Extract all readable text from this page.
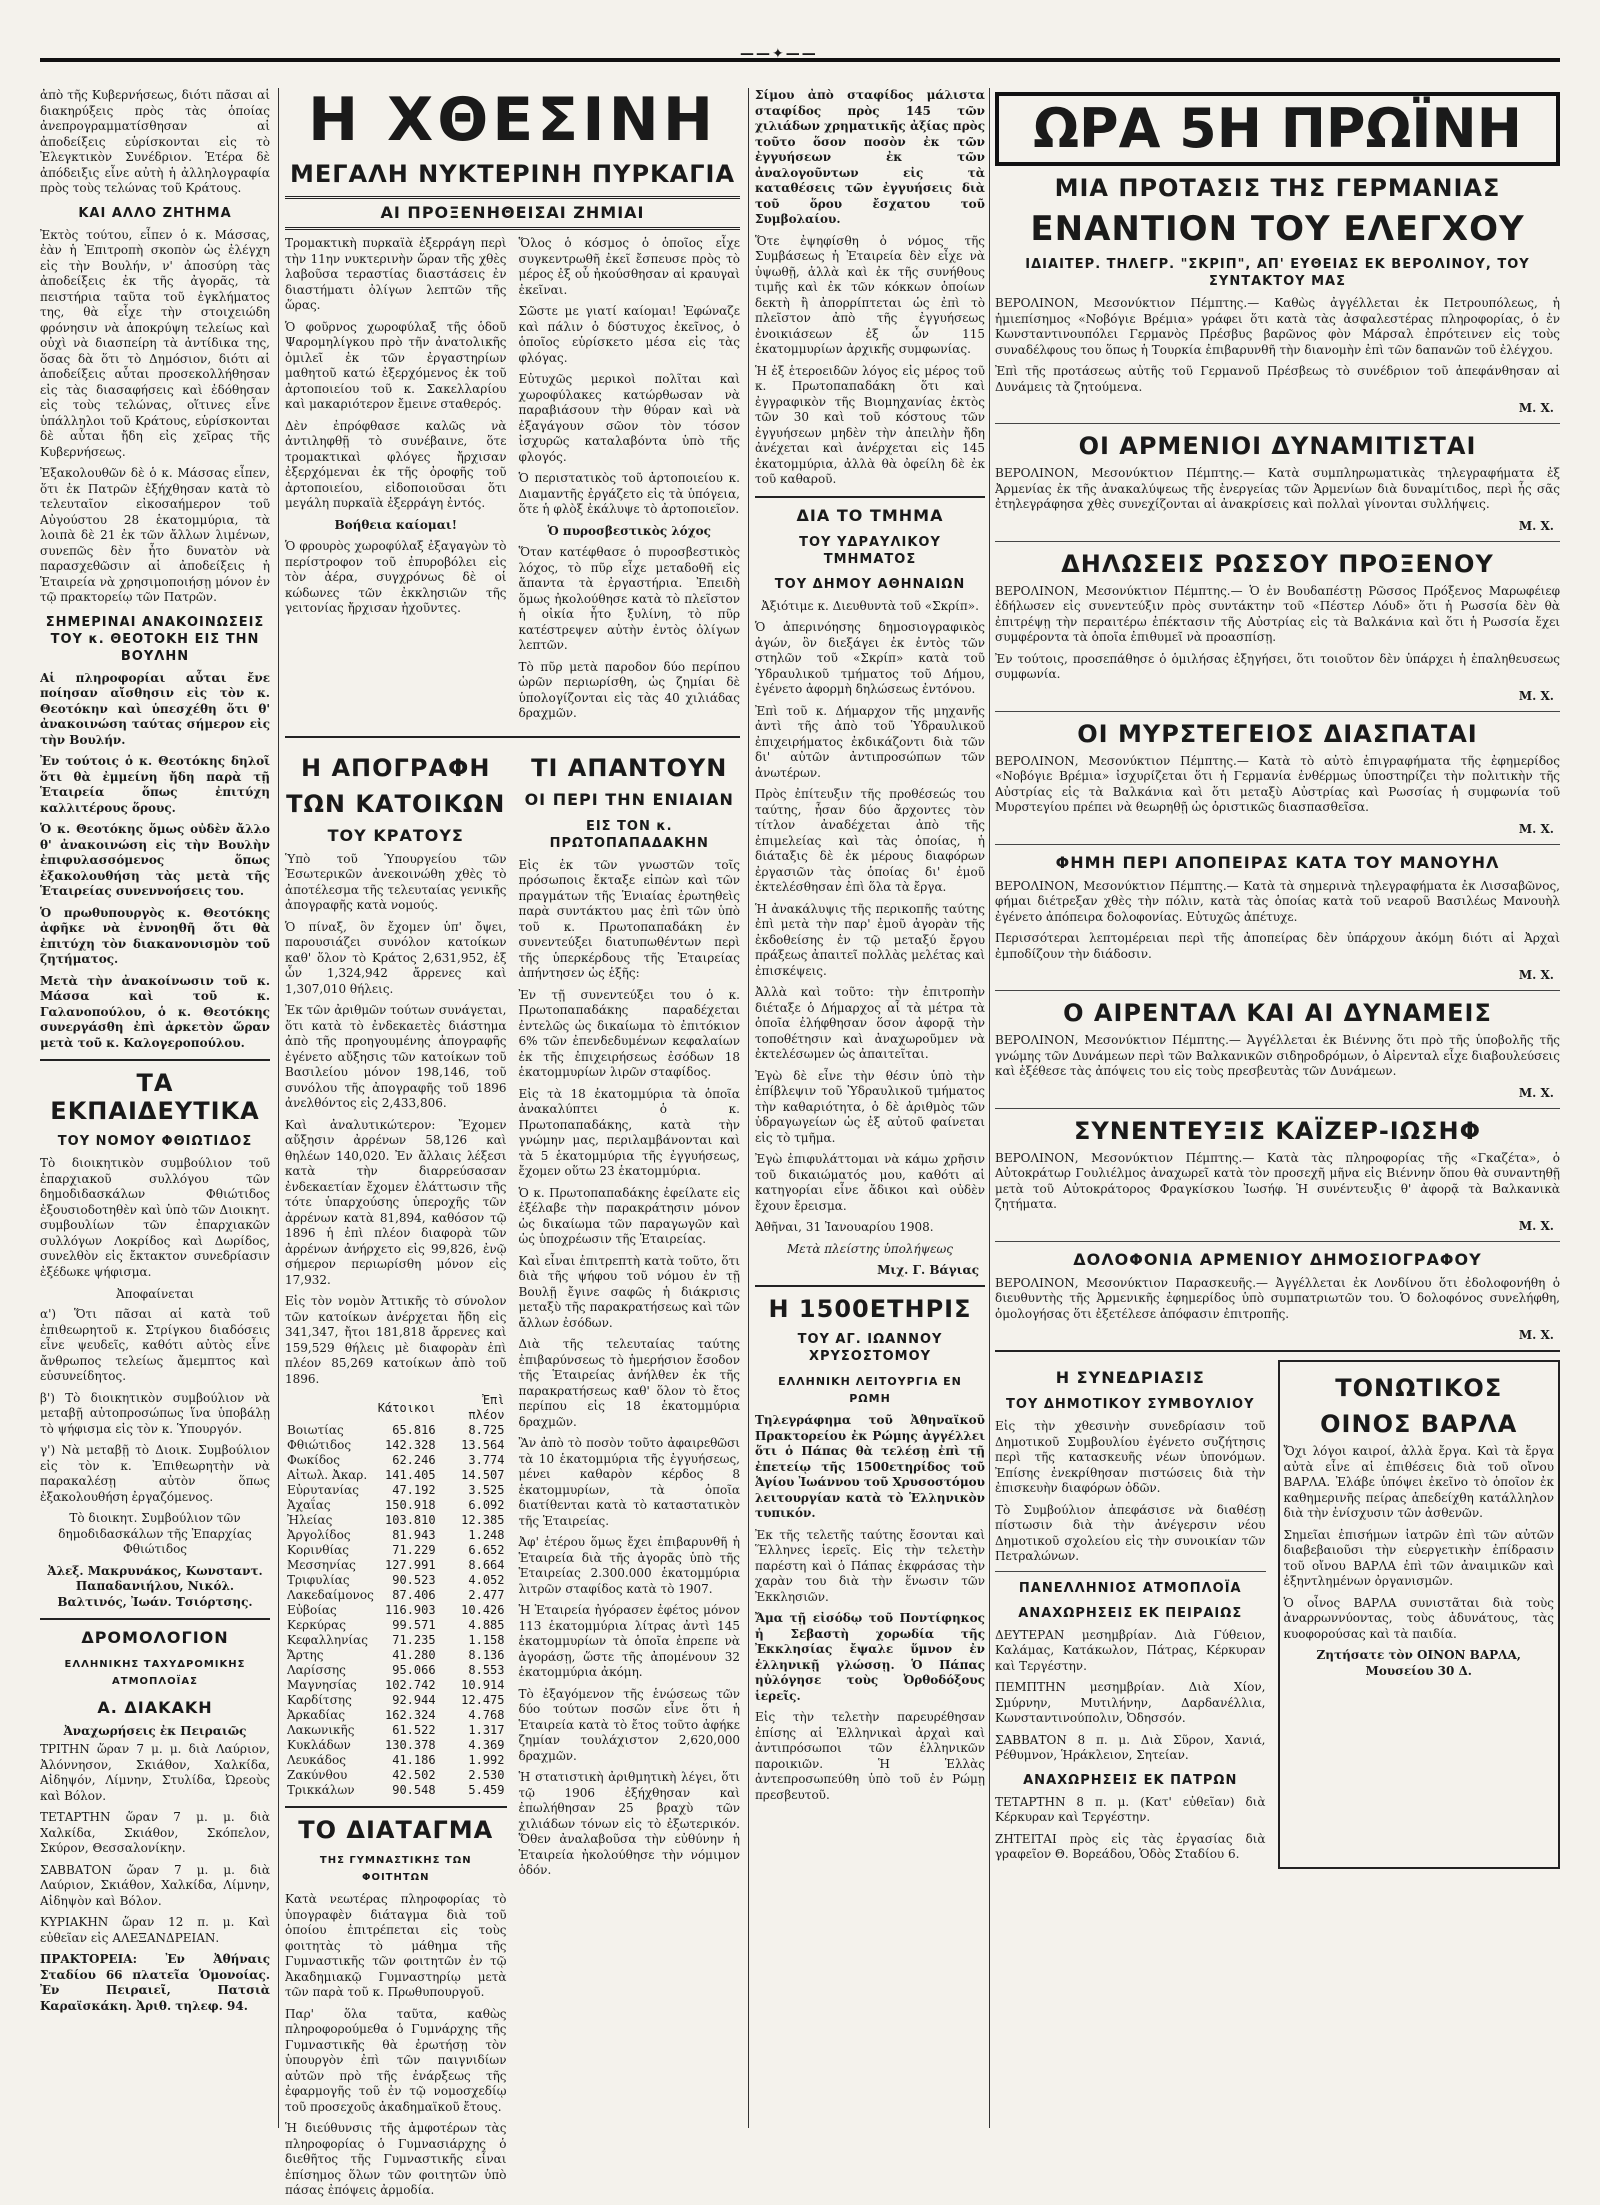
——✦——

ἀπὸ τῆς Κυβερνήσεως, διότι πᾶσαι αἱ διακηρύξεις πρὸς τὰς ὁποίας ἀνεπρογραμματίσθησαν αἱ ἀποδείξεις εὑρίσκονται εἰς τὸ Ἐλεγκτικὸν Συνέδριον. Ἑτέρα δὲ ἀπόδειξις εἶνε αὐτὴ ἡ ἀλληλογραφία πρὸς τοὺς τελώνας τοῦ Κράτους.

ΚΑΙ ΑΛΛΟ ΖΗΤΗΜΑ

Ἐκτὸς τούτου, εἶπεν ὁ κ. Μάσσας, ἐὰν ἡ Ἐπιτροπὴ σκοπὸν ὡς ἐλέγχη εἰς τὴν Βουλήν, ν' ἀποσύρη τὰς ἀποδείξεις ἐκ τῆς ἀγορᾶς, τὰ πειστήρια ταῦτα τοῦ ἐγκλήματος της, θὰ εἶχε τὴν στοιχειώδη φρόνησιν νὰ ἀποκρύψη τελείως καὶ οὐχὶ νὰ διασπείρη τὰ ἀντίδικα της, ὅσας δὰ ὅτι τὸ Δημόσιον, διότι αἱ ἀποδείξεις αὗται προσεκολλήθησαν εἰς τὰς διασαφήσεις καὶ ἐδόθησαν εἰς τοὺς τελώνας, οἵτινες εἶνε ὑπάλληλοι τοῦ Κράτους, εὑρίσκονται δὲ αὗται ἤδη εἰς χεῖρας τῆς Κυβερνήσεως.

Ἐξακολουθῶν δὲ ὁ κ. Μάσσας εἶπεν, ὅτι ἐκ Πατρῶν ἐξήχθησαν κατὰ τὸ τελευταῖον εἰκοσαήμερον τοῦ Αὐγούστου 28 ἑκατομμύρια, τὰ λοιπὰ δὲ 21 ἐκ τῶν ἄλλων λιμένων, συνεπῶς δὲν ἦτο δυνατὸν νὰ παρασχεθῶσιν αἱ ἀποδείξεις ἡ Ἑταιρεία νὰ χρησιμοποιήσῃ μόνον ἐν τῷ πρακτορείῳ τῶν Πατρῶν.

ΣΗΜΕΡΙΝΑΙ ΑΝΑΚΟΙΝΩΣΕΙΣ ΤΟΥ κ. ΘΕΟΤΟΚΗ ΕΙΣ ΤΗΝ ΒΟΥΛΗΝ

Αἱ πληροφορίαι αὗται ἔνε ποίησαν αἴσθησιν εἰς τὸν κ. Θεοτόκην καὶ ὑπεσχέθη ὅτι θ' ἀνακοινώση ταύτας σήμερον εἰς τὴν Βουλήν.

Ἐν τούτοις ὁ κ. Θεοτόκης δηλοῖ ὅτι θὰ ἐμμείνη ἤδη παρὰ τῇ Ἑταιρεία ὅπως ἐπιτύχη καλλιτέρους ὅρους.

Ὁ κ. Θεοτόκης ὅμως οὐδὲν ἄλλο θ' ἀνακοινώση εἰς τὴν Βουλὴν ἐπιφυλασσόμενος ὅπως ἐξακολουθήση τὰς μετὰ τῆς Ἑταιρείας συνεννοήσεις του.

Ὁ πρωθυπουργὸς κ. Θεοτόκης ἀφῆκε νὰ ἐννοηθῆ ὅτι θὰ ἐπιτύχη τὸν διακανονισμὸν τοῦ ζητήματος.

Μετὰ τὴν ἀνακοίνωσιν τοῦ κ. Μάσσα καὶ τοῦ κ. Γαλανοπούλου, ὁ κ. Θεοτόκης συνεργάσθη ἐπὶ ἀρκετὸν ὥραν μετὰ τοῦ κ. Καλογεροπούλου.

ΤΑ ΕΚΠΑΙΔΕΥΤΙΚΑ
ΤΟΥ ΝΟΜΟΥ ΦΘΙΩΤΙΔΟΣ

Τὸ διοικητικὸν συμβούλιον τοῦ ἐπαρχιακοῦ συλλόγου τῶν δημοδιδασκάλων Φθιώτιδος ἐξουσιοδοτηθὲν καὶ ὑπὸ τῶν Διοικητ. συμβουλίων τῶν ἐπαρχιακῶν συλλόγων Λοκρίδος καὶ Δωρίδος, συνελθὸν εἰς ἔκτακτον συνεδρίασιν ἐξέδωκε ψήφισμα.

Ἀποφαίνεται

α') Ὅτι πᾶσαι αἱ κατὰ τοῦ ἐπιθεωρητοῦ κ. Στρίγκου διαδόσεις εἶνε ψευδεῖς, καθότι αὐτὸς εἶνε ἄνθρωπος τελείως ἄμεμπτος καὶ εὐσυνείδητος.

β') Τὸ διοικητικὸν συμβούλιον νὰ μεταβῇ αὐτοπροσώπως ἵνα ὑποβάλῃ τὸ ψήφισμα εἰς τὸν κ. Ὑπουργόν.

γ') Νὰ μεταβῇ τὸ Διοικ. Συμβούλιον εἰς τὸν κ. Ἐπιθεωρητὴν νὰ παρακαλέσῃ αὐτὸν ὅπως ἐξακολουθήση ἐργαζόμενος.

Τὸ διοικητ. Συμβούλιον τῶν δημοδιδασκάλων τῆς Ἐπαρχίας Φθιώτιδος

Ἀλεξ. Μακρυνάκος, Κωνσταντ. Παπαδανιήλου, Νικόλ. Βαλτινός, Ἰωάν. Τσιόρτσης.

ΔΡΟΜΟΛΟΓΙΟΝ
ΕΛΛΗΝΙΚΗΣ ΤΑΧΥΔΡΟΜΙΚΗΣ ΑΤΜΟΠΛΟΪΑΣ
Α. ΔΙΑΚΑΚΗ
Ἀναχωρήσεις ἐκ Πειραιῶς

ΤΡΙΤΗΝ ὥραν 7 μ. μ. διὰ Λαύριον, Ἀλόννησον, Σκιάθον, Χαλκίδα, Αἰδηψόν, Λίμνην, Στυλίδα, Ὠρεοὺς καὶ Βόλον.

ΤΕΤΑΡΤΗΝ ὥραν 7 μ. μ. διὰ Χαλκίδα, Σκιάθον, Σκόπελον, Σκύρον, Θεσσαλονίκην.

ΣΑΒΒΑΤΟΝ ὥραν 7 μ. μ. διὰ Λαύριον, Σκιάθον, Χαλκίδα, Λίμνην, Αἰδηψὸν καὶ Βόλον.

ΚΥΡΙΑΚΗΝ ὥραν 12 π. μ. Καὶ εὐθεῖαν εἰς ΑΛΕΞΑΝΔΡΕΙΑΝ.

ΠΡΑΚΤΟΡΕΙΑ: Ἐν Ἀθήναις Σταδίου 66 πλατεῖα Ὁμονοίας. Ἐν Πειραιεῖ, Πατσιὰ Καραϊσκάκη. Ἀριθ. τηλεφ. 94.

Η ΧΘΕΣΙΝΗ
ΜΕΓΑΛΗ ΝΥΚΤΕΡΙΝΗ ΠΥΡΚΑΓΙΑ
ΑΙ ΠΡΟΞΕΝΗΘΕΙΣΑΙ ΖΗΜΙΑΙ

Τρομακτικὴ πυρκαϊὰ ἐξερράγη περὶ τὴν 11ην νυκτερινὴν ὥραν τῆς χθὲς λαβοῦσα τεραστίας διαστάσεις ἐν διαστήματι ὀλίγων λεπτῶν τῆς ὥρας.

Ὁ φοῦρνος χωροφύλαξ τῆς ὁδοῦ Ψαρομηλίγκου πρὸ τῆν ἀνατολικῆς ὁμιλεῖ ἐκ τῶν ἐργαστηρίων μαθητοῦ κατώ ἐξερχόμενος ἐκ τοῦ ἀρτοποιείου τοῦ κ. Σακελλαρίου καὶ μακαριότερον ἔμεινε σταθερός.

Δὲν ἐπρόφθασε καλῶς νὰ ἀντιληφθῇ τὸ συνέβαινε, ὅτε τρομακτικαὶ φλόγες ἤρχισαν ἐξερχόμεναι ἐκ τῆς ὀροφῆς τοῦ ἀρτοποιείου, εἰδοποιοῦσαι ὅτι μεγάλη πυρκαϊὰ ἐξερράγη ἐντός.

Βοήθεια καίομαι!

Ὁ φρουρὸς χωροφύλαξ ἐξαγαγὼν τὸ περίστροφον τοῦ ἐπυροβόλει εἰς τὸν ἀέρα, συγχρόνως δὲ οἱ κώδωνες τῶν ἐκκλησιῶν τῆς γειτονίας ἤρχισαν ἠχοῦντες.

Ὅλος ὁ κόσμος ὁ ὁποῖος εἶχε συγκεντρωθῆ ἐκεῖ ἔσπευσε πρὸς τὸ μέρος ἐξ οὗ ἠκούσθησαν αἱ κραυγαὶ ἐκεῖναι.

Σῶστε με γιατί καίομαι! Ἐφώναζε καὶ πάλιν ὁ δύστυχος ἐκεῖνος, ὁ ὁποῖος εὑρίσκετο μέσα εἰς τὰς φλόγας.

Εὐτυχῶς μερικοὶ πολῖται καὶ χωροφύλακες κατώρθωσαν νὰ παραβιάσουν τὴν θύραν καὶ νὰ ἐξαγάγουν σῶον τὸν τόσον ἰσχυρῶς καταλαβόντα ὑπὸ τῆς φλογός.

Ὁ περιστατικὸς τοῦ ἀρτοποιείου κ. Διαμαντῆς ἐργάζετο εἰς τὰ ὑπόγεια, ὅτε ἡ φλὸξ ἐκάλυψε τὸ ἀρτοποιεῖον.

Ὁ πυροσβεστικὸς λόχος

Ὅταν κατέφθασε ὁ πυροσβεστικὸς λόχος, τὸ πῦρ εἶχε μεταδοθῆ εἰς ἅπαντα τὰ ἐργαστήρια. Ἐπειδὴ ὅμως ἠκολούθησε κατὰ τὸ πλεῖστον ἡ οἰκία ἦτο ξυλίνη, τὸ πῦρ κατέστρεψεν αὐτὴν ἐντὸς ὀλίγων λεπτῶν.

Τὸ πῦρ μετὰ παροδον δύο περίπου ὡρῶν περιωρίσθη, ὡς ζημίαι δὲ ὑπολογίζονται εἰς τὰς 40 χιλιάδας δραχμῶν.

Η ΑΠΟΓΡΑΦΗ
ΤΩΝ ΚΑΤΟΙΚΩΝ
ΤΟΥ ΚΡΑΤΟΥΣ

Ὑπὸ τοῦ Ὑπουργείου τῶν Ἐσωτερικῶν ἀνεκοινώθη χθὲς τὸ ἀποτέλεσμα τῆς τελευταίας γενικῆς ἀπογραφῆς κατὰ νομούς.

Ὁ πίναξ, ὃν ἔχομεν ὑπ' ὄψει, παρουσιάζει συνόλον κατοίκων καθ' ὅλον τὸ Κράτος 2,631,952, ἐξ ὧν 1,324,942 ἄρρενες καὶ 1,307,010 θήλεις.

Ἐκ τῶν ἀριθμῶν τούτων συνάγεται, ὅτι κατὰ τὸ ἐνδεκαετὲς διάστημα ἀπὸ τῆς προηγουμένης ἀπογραφῆς ἐγένετο αὔξησις τῶν κατοίκων τοῦ Βασιλείου μόνον 198,146, τοῦ συνόλου τῆς ἀπογραφῆς τοῦ 1896 ἀνελθόντος εἰς 2,433,806.

Καὶ ἀναλυτικώτερον: Ἔχομεν αὔξησιν ἀρρένων 58,126 καὶ θηλέων 140,020. Ἐν ἄλλαις λέξεσι κατὰ τὴν διαρρεύσασαν ἐνδεκαετίαν ἔχομεν ἐλάττωσιν τῆς τότε ὑπαρχούσης ὑπεροχῆς τῶν ἀρρένων κατὰ 81,894, καθόσον τῷ 1896 ἡ ἐπὶ πλέον διαφορὰ τῶν ἀρρένων ἀνήρχετο εἰς 99,826, ἐνῷ σήμερον περιωρίσθη μόνον εἰς 17,932.

Εἰς τὸν νομὸν Ἀττικῆς τὸ σύνολον τῶν κατοίκων ἀνέρχεται ἤδη εἰς 341,347, ἤτοι 181,818 ἄρρενες καὶ 159,529 θήλεις μὲ διαφορὰν ἐπὶ πλέον 85,269 κατοίκων ἀπὸ τοῦ 1896.

	Κάτοικοι	Ἐπὶ πλέον
Βοιωτίας	65.816	8.725
Φθιώτιδος	142.328	13.564
Φωκίδος	62.246	3.774
Αἰτωλ. Ἀκαρ.	141.405	14.507
Εὐρυτανίας	47.192	3.525
Ἀχαΐας	150.918	6.092
Ἠλείας	103.810	12.385
Ἀργολίδος	81.943	1.248
Κορινθίας	71.229	6.652
Μεσσηνίας	127.991	8.664
Τριφυλίας	90.523	4.052
Λακεδαίμονος	87.406	2.477
Εὐβοίας	116.903	10.426
Κερκύρας	99.571	4.885
Κεφαλληνίας	71.235	1.158
Ἄρτης	41.280	8.136
Λαρίσσης	95.066	8.553
Μαγνησίας	102.742	10.914
Καρδίτσης	92.944	12.475
Ἀρκαδίας	162.324	4.768
Λακωνικῆς	61.522	1.317
Κυκλάδων	130.378	4.369
Λευκάδος	41.186	1.992
Ζακύνθου	42.502	2.530
Τρικκάλων	90.548	5.459
ΤΟ ΔΙΑΤΑΓΜΑ
ΤΗΣ ΓΥΜΝΑΣΤΙΚΗΣ ΤΩΝ ΦΟΙΤΗΤΩΝ

Κατὰ νεωτέρας πληροφορίας τὸ ὑπογραφὲν διάταγμα διὰ τοῦ ὁποίου ἐπιτρέπεται εἰς τοὺς φοιτητὰς τὸ μάθημα τῆς Γυμναστικῆς τῶν φοιτητῶν ἐν τῷ Ἀκαδημιακῷ Γυμναστηρίῳ μετὰ τῶν παρὰ τοῦ κ. Πρωθυπουργοῦ.

Παρ' ὅλα ταῦτα, καθὼς πληροφορούμεθα ὁ Γυμνάρχης τῆς Γυμναστικῆς θὰ ἐρωτήσῃ τὸν ὑπουργὸν ἐπὶ τῶν παιγνιδίων αὐτῶν πρὸ τῆς ἐνάρξεως τῆς ἐφαρμογῆς τοῦ ἐν τῷ νομοσχεδίῳ τοῦ προσεχοῦς ἀκαδημαϊκοῦ ἔτους.

Ἡ διεύθυνσις τῆς ἀμφοτέρων τὰς πληροφορίας ὁ Γυμνασιάρχης ὁ διεθῆτος τῆς Γυμναστικῆς εἶναι ἐπίσημος ὅλων τῶν φοιτητῶν ὑπὸ πάσας ἐπόψεις ἀρμοδία.

ΤΙ ΑΠΑΝΤΟΥΝ
ΟΙ ΠΕΡΙ ΤΗΝ ΕΝΙΑΙΑΝ
ΕΙΣ ΤΟΝ κ. ΠΡΩΤΟΠΑΠΑΔΑΚΗΝ

Εἰς ἐκ τῶν γνωστῶν τοῖς πρόσωποις ἔκταξε εἰπὼν καὶ τῶν πραγμάτων τῆς Ἑνιαίας ἐρωτηθεὶς παρὰ συντάκτου μας ἐπὶ τῶν ὑπὸ τοῦ κ. Πρωτοπαπαδάκη ἐν συνεντεύξει διατυπωθέντων περὶ τῆς ὑπερκέρδους τῆς Ἑταιρείας ἀπήντησεν ὡς ἑξῆς:

Ἐν τῇ συνεντεύξει του ὁ κ. Πρωτοπαπαδάκης παραδέχεται ἐντελῶς ὡς δικαίωμα τὸ ἐπιτόκιον 6% τῶν ἐπενδεδυμένων κεφαλαίων ἐκ τῆς ἐπιχειρήσεως ἐσόδων 18 ἑκατομμυρίων λιρῶν σταφίδος.

Εἰς τὰ 18 ἑκατομμύρια τὰ ὁποῖα ἀνακαλύπτει ὁ κ. Πρωτοπαπαδάκης, κατὰ τὴν γνώμην μας, περιλαμβάνονται καὶ τὰ 5 ἑκατομμύρια τῆς ἐγγυήσεως, ἔχομεν οὕτω 23 ἑκατομμύρια.

Ὁ κ. Πρωτοπαπαδάκης ἐφείλατε εἰς ἐξέλαβε τὴν παρακράτησιν μόνον ὡς δικαίωμα τῶν παραγωγῶν καὶ ὡς ὑποχρέωσιν τῆς Ἑταιρείας.

Καὶ εἶναι ἐπιτρεπτὴ κατὰ τοῦτο, ὅτι διὰ τῆς ψήφου τοῦ νόμου ἐν τῇ Βουλῇ ἔγινε σαφῶς ἡ διάκρισις μεταξὺ τῆς παρακρατήσεως καὶ τῶν ἄλλων ἐσόδων.

Διὰ τῆς τελευταίας ταύτης ἐπιβαρύνσεως τὸ ἡμερήσιον ἔσοδον τῆς Ἑταιρείας ἀνήλθεν ἐκ τῆς παρακρατήσεως καθ' ὅλον τὸ ἔτος περίπου εἰς 18 ἑκατομμύρια δραχμῶν.

Ἂν ἀπὸ τὸ ποσὸν τοῦτο ἀφαιρεθῶσι τὰ 10 ἑκατομμύρια τῆς ἐγγυήσεως, μένει καθαρὸν κέρδος 8 ἑκατομμυρίων, τὰ ὁποῖα διατίθενται κατὰ τὸ καταστατικὸν τῆς Ἑταιρείας.

Ἀφ' ἑτέρου ὅμως ἔχει ἐπιβαρυνθῆ ἡ Ἑταιρεία διὰ τῆς ἀγορᾶς ὑπὸ τῆς Ἑταιρείας 2.300.000 ἑκατομμύρια λιτρῶν σταφίδος κατὰ τὸ 1907.

Ἡ Ἑταιρεία ἠγόρασεν ἐφέτος μόνον 113 ἑκατομμύρια λίτρας ἀντὶ 145 ἑκατομμυρίων τὰ ὁποῖα ἐπρεπε νὰ ἀγοράσῃ, ὥστε τῆς ἀπομένουν 32 ἑκατομμύρια ἀκόμη.

Τὸ ἐξαγόμενον τῆς ἑνώσεως τῶν δύο τούτων ποσῶν εἶνε ὅτι ἡ Ἑταιρεία κατὰ τὸ ἔτος τοῦτο ἀφήκε ζημίαν τουλάχιστον 2,620,000 δραχμῶν.

Ἡ στατιστικὴ ἀριθμητικὴ λέγει, ὅτι τῷ 1906 ἐξήχθησαν καὶ ἐπωλήθησαν 25 βραχὺ τῶν χιλιάδων τόνων εἰς τὸ ἐξωτερικόν. Ὅθεν ἀναλαβοῦσα τὴν εὐθύνην ἡ Ἑταιρεία ἠκολούθησε τὴν νόμιμον ὁδόν.

Σίμου ἀπὸ σταφίδος μάλιστα σταφίδος πρὸς 145 τῶν χιλιάδων χρηματικῆς ἀξίας πρὸς τοῦτο ὅσον ποσὸν ἐκ τῶν ἐγγυήσεων ἐκ τῶν ἀναλογοῦντων εἰς τὰ καταθέσεις τῶν ἐγγυήσεις διὰ τοῦ ὅρου ἔσχατου τοῦ Συμβολαίου.

Ὅτε ἐψηφίσθη ὁ νόμος τῆς Συμβάσεως ἡ Ἑταιρεία δὲν εἶχε νὰ ὑψωθῇ, ἀλλὰ καὶ ἐκ τῆς συνήθους τιμῆς καὶ ἐκ τῶν κόκκων ὁποίων δεκτὴ ἢ ἀπορρίπτεται ὡς ἐπὶ τὸ πλεῖστον ἀπὸ τῆς ἐγγυήσεως ἐνοικιάσεων ἐξ ὧν 115 ἑκατομμυρίων ἀρχικῆς συμφωνίας.

Ἡ ἐξ ἑτεροειδῶν λόγος εἰς μέρος τοῦ κ. Πρωτοπαπαδάκη ὅτι καὶ ἐγγραφικὸν τῆς Βιομηχανίας ἐκτὸς τῶν 30 καὶ τοῦ κόστους τῶν ἐγγυήσεων μηδὲν τὴν ἀπειλὴν ἤδη ἀνέχεται καὶ ἀνέρχεται εἰς 145 ἑκατομμύρια, ἀλλὰ θὰ ὀφείλη δὲ ἐκ τοῦ καθαροῦ.

ΔΙΑ ΤΟ ΤΜΗΜΑ
ΤΟΥ ΥΔΡΑΥΛΙΚΟΥ ΤΜΗΜΑΤΟΣ
ΤΟΥ ΔΗΜΟΥ ΑΘΗΝΑΙΩΝ

Ἀξιότιμε κ. Διευθυντὰ τοῦ «Σκρίπ».

Ὁ ἀπερινόησης δημοσιογραφικὸς ἀγών, ὃν διεξάγει ἐκ ἐντὸς τῶν στηλῶν τοῦ «Σκρίπ» κατὰ τοῦ Ὑδραυλικοῦ τμήματος τοῦ Δήμου, ἐγένετο ἀφορμὴ δηλώσεως ἐντόνου.

Ἐπὶ τοῦ κ. Δήμαρχον τῆς μηχανῆς ἀντὶ τῆς ἀπὸ τοῦ Ὑδραυλικοῦ ἐπιχειρήματος ἐκδικάζοντι διὰ τῶν δι' αὐτῶν ἀντιπροσώπων τῶν ἀνωτέρων.

Πρὸς ἐπίτευξιν τῆς προθέσεώς του ταύτης, ἦσαν δύο ἄρχοντες τὸν τίτλον ἀναδέχεται ἀπὸ τῆς ἐπιμελείας καὶ τὰς ὁποίας, ἡ διάταξις δὲ ἐκ μέρους διαφόρων ἐργασιῶν τὰς ὁποίας δι' ἐμοῦ ἐκτελέσθησαν ἐπὶ ὅλα τὰ ἔργα.

Ἡ ἀνακάλυψις τῆς περικοπῆς ταύτης ἐπὶ μετὰ τὴν παρ' ἐμοῦ ἀγορὰν τῆς ἐκδοθείσης ἐν τῷ μεταξύ ἔργου πράξεως ἀπαιτεῖ πολλὰς μελέτας καὶ ἐπισκέψεις.

Ἀλλὰ καὶ τοῦτο: τὴν ἐπιτροπὴν διέταξε ὁ Δήμαρχος αἷ τὰ μέτρα τὰ ὁποῖα ἐλήφθησαν ὅσον ἀφορᾷ τὴν τοποθέτησιν καὶ ἀναχωροῦμεν νὰ ἐκτελέσωμεν ὡς ἀπαιτεῖται.

Ἐγὼ δὲ εἶνε τὴν θέσιν ὑπὸ τὴν ἐπίβλεψιν τοῦ Ὑδραυλικοῦ τμήματος τὴν καθαριότητα, ὁ δὲ ἀριθμὸς τῶν ὑδραγωγείων ὡς ἐξ αὐτοῦ φαίνεται εἰς τὸ τμῆμα.

Ἐγὼ ἐπιφυλάττομαι νὰ κάμω χρῆσιν τοῦ δικαιώματός μου, καθότι αἱ κατηγορίαι εἶνε ἄδικοι καὶ οὐδὲν ἔχουν ἔρεισμα.

Ἀθῆναι, 31 Ἰανουαρίου 1908.

Μετὰ πλείστης ὑπολήψεως

Μιχ. Γ. Βάγιας
Η 1500ΕΤΗΡΙΣ
ΤΟΥ ΑΓ. ΙΩΑΝΝΟΥ ΧΡΥΣΟΣΤΟΜΟΥ
ΕΛΛΗΝΙΚΗ ΛΕΙΤΟΥΡΓΙΑ ΕΝ ΡΩΜΗ

Τηλεγράφημα τοῦ Ἀθηναϊκοῦ Πρακτορείου ἐκ Ρώμης ἀγγέλλει ὅτι ὁ Πάπας θὰ τελέσῃ ἐπὶ τῇ ἐπετείῳ τῆς 1500ετηρίδος τοῦ Ἁγίου Ἰωάννου τοῦ Χρυσοστόμου λειτουργίαν κατὰ τὸ Ἑλληνικὸν τυπικόν.

Ἐκ τῆς τελετῆς ταύτης ἔσονται καὶ Ἕλληνες ἱερεῖς. Εἰς τὴν τελετὴν παρέστη καὶ ὁ Πάπας ἐκφράσας τὴν χαρὰν του διὰ τὴν ἕνωσιν τῶν Ἐκκλησιῶν.

Ἄμα τῇ εἰσόδῳ τοῦ Ποντίφηκος ἡ Σεβαστὴ χορωδία τῆς Ἐκκλησίας ἔψαλε ὕμνον ἐν ἑλληνικῇ γλώσσῃ. Ὁ Πάπας ηὐλόγησε τοὺς Ὀρθοδόξους ἱερεῖς.

Εἰς τὴν τελετὴν παρευρέθησαν ἐπίσης αἱ Ἑλληνικαὶ ἀρχαὶ καὶ ἀντιπρόσωποι τῶν ἑλληνικῶν παροικιῶν. Ἡ Ἑλλὰς ἀντεπροσωπεύθη ὑπὸ τοῦ ἐν Ρώμῃ πρεσβευτοῦ.

ΩΡΑ 5Η ΠΡΩΪΝΗ
ΜΙΑ ΠΡΟΤΑΣΙΣ ΤΗΣ ΓΕΡΜΑΝΙΑΣ
ΕΝΑΝΤΙΟΝ ΤΟΥ ΕΛΕΓΧΟΥ
ΙΔΙΑΙΤΕΡ. ΤΗΛΕΓΡ. "ΣΚΡΙΠ", ΑΠ' ΕΥΘΕΙΑΣ ΕΚ ΒΕΡΟΛΙΝΟΥ, ΤΟΥ ΣΥΝΤΑΚΤΟΥ ΜΑΣ

ΒΕΡΟΛΙΝΟΝ, Μεσονύκτιον Πέμπτης.— Καθὼς ἀγγέλλεται ἐκ Πετρουπόλεως, ἡ ἡμιεπίσημος «Νοβόγιε Βρέμια» γράφει ὅτι κατὰ τὰς ἀσφαλεστέρας πληροφορίας, ὁ ἐν Κωνσταντινουπόλει Γερμανὸς Πρέσβυς βαρῶνος φὸν Μάρσαλ ἐπρότεινεν εἰς τοὺς συναδέλφους του ὅπως ἡ Τουρκία ἐπιβαρυνθῆ τὴν διανομὴν ἐπὶ τῶν δαπανῶν τοῦ ἐλέγχου.

Ἐπὶ τῆς προτάσεως αὐτῆς τοῦ Γερμανοῦ Πρέσβεως τὸ συνέδριον τοῦ ἀπεφάνθησαν αἱ Δυνάμεις τὰ ζητούμενα.

Μ. Χ.
ΟΙ ΑΡΜΕΝΙΟΙ ΔΥΝΑΜΙΤΙΣΤΑΙ

ΒΕΡΟΛΙΝΟΝ, Μεσονύκτιον Πέμπτης.— Κατὰ συμπληρωματικὰς τηλεγραφήματα ἐξ Ἀρμενίας ἐκ τῆς ἀνακαλύψεως τῆς ἐνεργείας τῶν Ἀρμενίων διὰ δυναμίτιδος, περὶ ἧς σᾶς ἐτηλεγράφησα χθὲς συνεχίζονται αἱ ἀνακρίσεις καὶ πολλαὶ γίνονται συλλήψεις.

Μ. Χ.
ΔΗΛΩΣΕΙΣ ΡΩΣΣΟΥ ΠΡΟΞΕΝΟΥ

ΒΕΡΟΛΙΝΟΝ, Μεσονύκτιον Πέμπτης.— Ὁ ἐν Βουδαπέστῃ Ρῶσσος Πρόξενος Μαρωφέιεφ ἐδήλωσεν εἰς συνεντεύξιν πρὸς συντάκτην τοῦ «Πέστερ Λόυδ» ὅτι ἡ Ρωσσία δὲν θὰ ἐπιτρέψῃ τὴν περαιτέρω ἐπέκτασιν τῆς Αὐστρίας εἰς τὰ Βαλκάνια καὶ ὅτι ἡ Ρωσσία ἔχει συμφέροντα τὰ ὁποῖα ἐπιθυμεῖ νὰ προασπίσῃ.

Ἐν τούτοις, προσεπάθησε ὁ ὁμιλήσας ἐξηγήσει, ὅτι τοιοῦτον δὲν ὑπάρχει ἡ ἐπαληθευσεως συμφωνία.

Μ. Χ.
ΟΙ ΜΥΡΣΤΕΓΕΙΟΣ ΔΙΑΣΠΑΤΑΙ

ΒΕΡΟΛΙΝΟΝ, Μεσονύκτιον Πέμπτης.— Κατὰ τὸ αὐτὸ ἐπιγραφήματα τῆς ἐφημερίδος «Νοβόγιε Βρέμια» ἰσχυρίζεται ὅτι ἡ Γερμανία ἐνθέρμως ὑποστηρίζει τὴν πολιτικὴν τῆς Αὐστρίας εἰς τὰ Βαλκάνια καὶ ὅτι μεταξὺ Αὐστρίας καὶ Ρωσσίας ἡ συμφωνία τοῦ Μυρστεγίου πρέπει νὰ θεωρηθῇ ὡς ὁριστικῶς διασπασθεῖσα.

Μ. Χ.
ΦΗΜΗ ΠΕΡΙ ΑΠΟΠΕΙΡΑΣ ΚΑΤΑ ΤΟΥ ΜΑΝΟΥΗΛ

ΒΕΡΟΛΙΝΟΝ, Μεσονύκτιον Πέμπτης.— Κατὰ τὰ σημερινὰ τηλεγραφήματα ἐκ Λισσαβῶνος, φήμαι διέτρεξαν χθὲς τὴν πόλιν, κατὰ τὰς ὁποίας κατὰ τοῦ νεαροῦ Βασιλέως Μανουὴλ ἐγένετο ἀπόπειρα δολοφονίας. Εὐτυχῶς ἀπέτυχε.

Περισσότεραι λεπτομέρειαι περὶ τῆς ἀποπείρας δὲν ὑπάρχουν ἀκόμη διότι αἱ Ἀρχαὶ ἐμποδίζουν τὴν διάδοσιν.

Μ. Χ.
Ο ΑΙΡΕΝΤΑΛ ΚΑΙ ΑΙ ΔΥΝΑΜΕΙΣ

ΒΕΡΟΛΙΝΟΝ, Μεσονύκτιον Πέμπτης.— Ἀγγέλλεται ἐκ Βιέννης ὅτι πρὸ τῆς ὑποβολῆς τῆς γνώμης τῶν Δυνάμεων περὶ τῶν Βαλκανικῶν σιδηροδρόμων, ὁ Αἰρενταλ εἶχε διαβουλεύσεις καὶ ἐξέθεσε τὰς ἀπόψεις του εἰς τοὺς πρεσβευτὰς τῶν Δυνάμεων.

Μ. Χ.
ΣΥΝΕΝΤΕΥΞΙΣ ΚΑΪΖΕΡ-ΙΩΣΗΦ

ΒΕΡΟΛΙΝΟΝ, Μεσονύκτιον Πέμπτης.— Κατὰ τὰς πληροφορίας τῆς «Γκαζέτα», ὁ Αὐτοκράτωρ Γουλιέλμος ἀναχωρεῖ κατὰ τὸν προσεχῆ μῆνα εἰς Βιέννην ὅπου θὰ συναντηθῇ μετὰ τοῦ Αὐτοκράτορος Φραγκίσκου Ἰωσήφ. Ἡ συνέντευξις θ' ἀφορᾷ τὰ Βαλκανικὰ ζητήματα.

Μ. Χ.
ΔΟΛΟΦΟΝΙΑ ΑΡΜΕΝΙΟΥ ΔΗΜΟΣΙΟΓΡΑΦΟΥ

ΒΕΡΟΛΙΝΟΝ, Μεσονύκτιον Παρασκευῆς.— Ἀγγέλλεται ἐκ Λονδίνου ὅτι ἐδολοφονήθη ὁ διευθυντὴς τῆς Ἀρμενικῆς ἐφημερίδος ὑπὸ συμπατριωτῶν του. Ὁ δολοφόνος συνελήφθη, ὁμολογήσας ὅτι ἐξετέλεσε ἀπόφασιν ἐπιτροπῆς.

Μ. Χ.
Η ΣΥΝΕΔΡΙΑΣΙΣ
ΤΟΥ ΔΗΜΟΤΙΚΟΥ ΣΥΜΒΟΥΛΙΟΥ

Εἰς τὴν χθεσινὴν συνεδρίασιν τοῦ Δημοτικοῦ Συμβουλίου ἐγένετο συζήτησις περὶ τῆς κατασκευῆς νέων ὑπονόμων. Ἐπίσης ἐνεκρίθησαν πιστώσεις διὰ τὴν ἐπισκευὴν διαφόρων ὁδῶν.

Τὸ Συμβούλιον ἀπεφάσισε νὰ διαθέσῃ πίστωσιν διὰ τὴν ἀνέγερσιν νέου Δημοτικοῦ σχολείου εἰς τὴν συνοικίαν τῶν Πετραλώνων.

ΠΑΝΕΛΛΗΝΙΟΣ ΑΤΜΟΠΛΟΪΑ
ΑΝΑΧΩΡΗΣΕΙΣ ΕΚ ΠΕΙΡΑΙΩΣ

ΔΕΥΤΕΡΑΝ μεσημβρίαν. Διὰ Γύθειον, Καλάμας, Κατάκωλον, Πάτρας, Κέρκυραν καὶ Τεργέστην.

ΠΕΜΠΤΗΝ μεσημβρίαν. Διὰ Χίον, Σμύρνην, Μυτιλήνην, Δαρδανέλλια, Κωνσταντινούπολιν, Ὀδησσόν.

ΣΑΒΒΑΤΟΝ 8 π. μ. Διὰ Σῦρον, Χανιά, Ρέθυμνον, Ἡράκλειον, Σητείαν.

ΑΝΑΧΩΡΗΣΕΙΣ ΕΚ ΠΑΤΡΩΝ

ΤΕΤΑΡΤΗΝ 8 π. μ. (Κατ' εὐθεῖαν) διὰ Κέρκυραν καὶ Τεργέστην.

ΖΗΤΕΙΤΑΙ πρὸς εἰς τὰς ἐργασίας διὰ γραφεῖον Θ. Βορεάδου, Ὁδὸς Σταδίου 6.

ΤΟΝΩΤΙΚΟΣ
ΟΙΝΟΣ ΒΑΡΛΑ

Ὄχι λόγοι καιροί, ἀλλὰ ἔργα. Καὶ τὰ ἔργα αὐτὰ εἶνε αἱ ἐπιθέσεις διὰ τοῦ οἴνου ΒΑΡΛΑ. Ἐλάβε ὑπόψει ἐκεῖνο τὸ ὁποῖον ἐκ καθημερινῆς πείρας ἀπεδείχθη κατάλληλον διὰ τὴν ἐνίσχυσιν τῶν ἀσθενῶν.

Σημεῖαι ἐπισήμων ἰατρῶν ἐπὶ τῶν αὐτῶν διαβεβαιοῦσι τὴν εὐεργετικὴν ἐπίδρασιν τοῦ οἴνου ΒΑΡΛΑ ἐπὶ τῶν ἀναιμικῶν καὶ ἐξηντλημένων ὀργανισμῶν.

Ὁ οἶνος ΒΑΡΛΑ συνιστᾶται διὰ τοὺς ἀναρρωννύοντας, τοὺς ἀδυνάτους, τὰς κυοφορούσας καὶ τὰ παιδία.

Ζητήσατε τὸν ΟΙΝΟΝ ΒΑΡΛΑ, Μουσείου 30 Δ.
